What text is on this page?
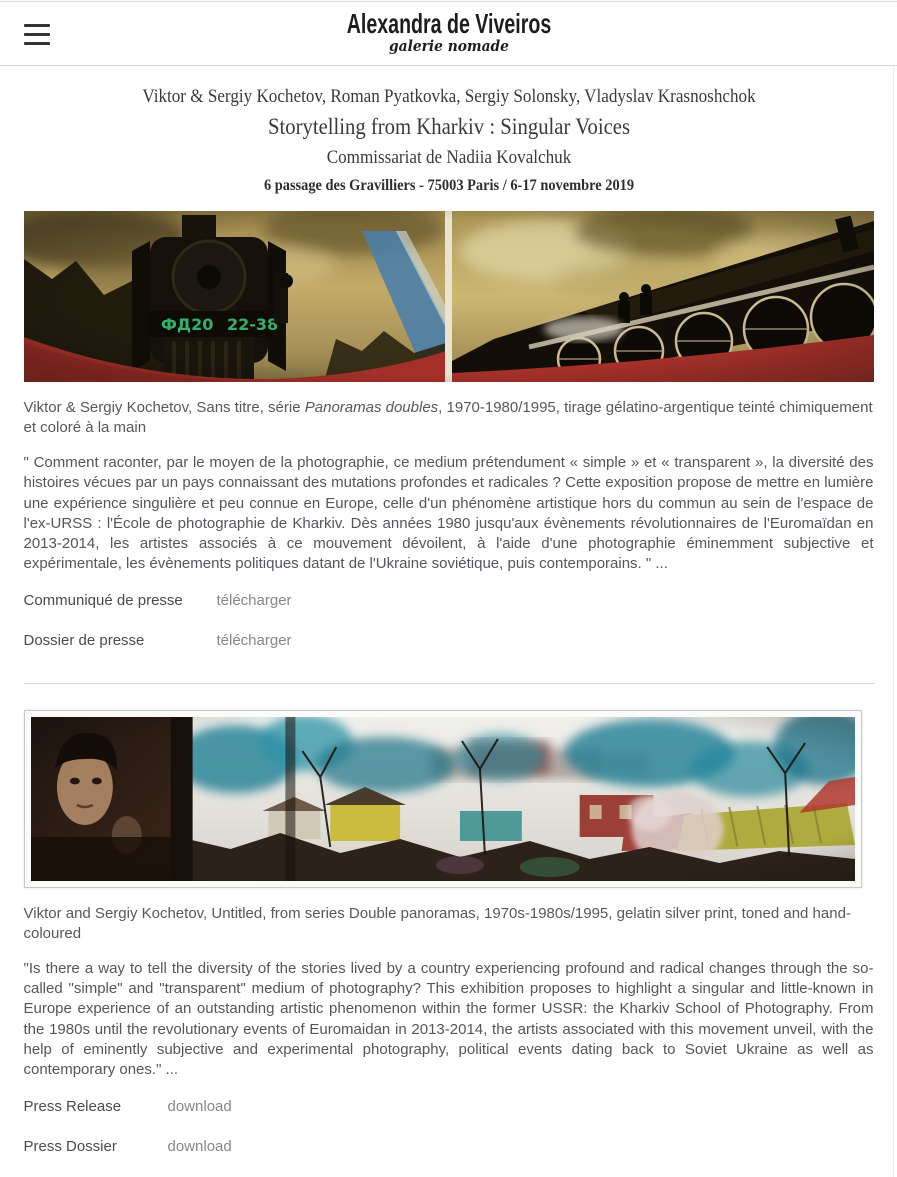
Alexandra de Viveiros
galerie nomade
Viktor & Sergiy Kochetov, Roman Pyatkovka, Sergiy Solonsky, Vladyslav Krasnoshchok
Storytelling from Kharkiv : Singular Voices
Commissariat de Nadiia Kovalchuk
6 passage des Gravilliers - 75003 Paris / 6-17 novembre 2019

Viktor & Sergiy Kochetov, Sans titre, série Panoramas doubles, 1970-1980/1995, tirage gélatino-argentique teinté chimiquement et coloré à la main

" Comment raconter, par le moyen de la photographie, ce medium prétendument « simple » et « transparent », la diversité des histoires vécues par un pays connaissant des mutations profondes et radicales ? Cette exposition propose de mettre en lumière une expérience singulière et peu connue en Europe, celle d'un phénomène artistique hors du commun au sein de l'espace de l'ex-URSS : l'École de photographie de Kharkiv. Dès années 1980 jusqu'aux évènements révolutionnaires de l'Euromaïdan en 2013-2014, les artistes associés à ce mouvement dévoilent, à l'aide d'une photographie éminemment subjective et expérimentale, les évènements politiques datant de l'Ukraine soviétique, puis contemporains. " ...

Communiqué de presse	télécharger
Dossier de presse	télécharger

Viktor and Sergiy Kochetov, Untitled, from series Double panoramas, 1970s-1980s/1995, gelatin silver print, toned and hand-coloured

"Is there a way to tell the diversity of the stories lived by a country experiencing profound and radical changes through the so-called "simple" and "transparent" medium of photography? This exhibition proposes to highlight a singular and little-known in Europe experience of an outstanding artistic phenomenon within the former USSR: the Kharkiv School of Photography. From the 1980s until the revolutionary events of Euromaidan in 2013-2014, the artists associated with this movement unveil, with the help of eminently subjective and experimental photography, political events dating back to Soviet Ukraine as well as contemporary ones." ...

Press Release	download
Press Dossier	download
